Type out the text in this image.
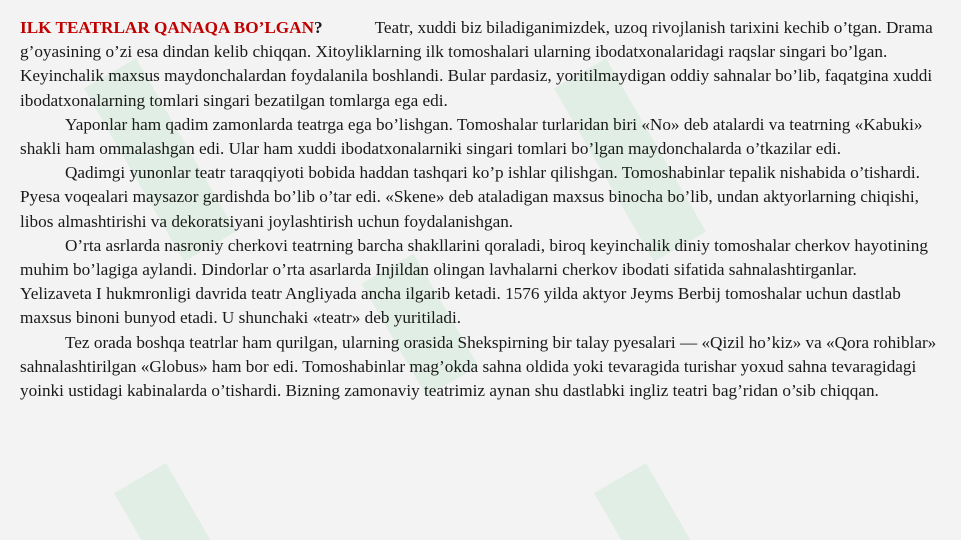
ILK TEATRLAR QANAQA BO’LGAN?	Teatr, xuddi biz biladiganimizdek, uzoq rivojlanish tarixini kechib o’tgan. Drama g’oyasining o’zi esa dindan kelib chiqqan. Xitoyliklarning ilk tomoshalari ularning ibodatxonalaridagi raqslar singari bo’lgan. Keyinchalik maxsus maydonchalardan foydalanila boshlandi. Bular pardasiz, yoritilmaydigan oddiy sahnalar bo’lib, faqatgina xuddi ibodatxonalarning tomlari singari bezatilgan tomlarga ega edi.

Yaponlar ham qadim zamonlarda teatrga ega bo’lishgan. Tomoshalar turlaridan biri «No» deb atalardi va teatrning «Kabuki» shakli ham ommalashgan edi. Ular ham xuddi ibodatxonalarniki singari tomlari bo’lgan maydonchalarda o’tkazilar edi.

Qadimgi yunonlar teatr taraqqiyoti bobida haddan tashqari ko’p ishlar qilishgan. Tomoshabinlar tepalik nishabida o’tishardi. Pyesa voqealari maysazor gardishda bo’lib o’tar edi. «Skene» deb ataladigan maxsus binocha bo’lib, undan aktyorlarning chiqishi, libos almashtirishi va dekoratsiyani joylashtirish uchun foydalanishgan.

O’rta asrlarda nasroniy cherkovi teatrning barcha shakllarini qoraladi, biroq keyinchalik diniy tomoshalar cherkov hayotining muhim bo’lagiga aylandi. Dindorlar o’rta asarlarda Injildan olingan lavhalarni cherkov ibodati sifatida sahnalashtirganlar.

Yelizaveta I hukmronligi davrida teatr Angliyada ancha ilgarib ketadi. 1576 yilda aktyor Jeyms Berbij tomoshalar uchun dastlab maxsus binoni bunyod etadi. U shunchaki «teatr» deb yuritiladi.

Tez orada boshqa teatrlar ham qurilgan, ularning orasida Shekspirning bir talay pyesalari — «Qizil ho’kiz» va «Qora rohiblar» sahnalashtirilgan «Globus» ham bor edi. Tomoshabinlar mag’okda sahna oldida yoki tevaragida turishar yoxud sahna tevaragidagi yoinki ustidagi kabinalarda o’tishardi. Bizning zamonaviy teatrimiz aynan shu dastlabki ingliz teatri bag’ridan o’sib chiqqan.
